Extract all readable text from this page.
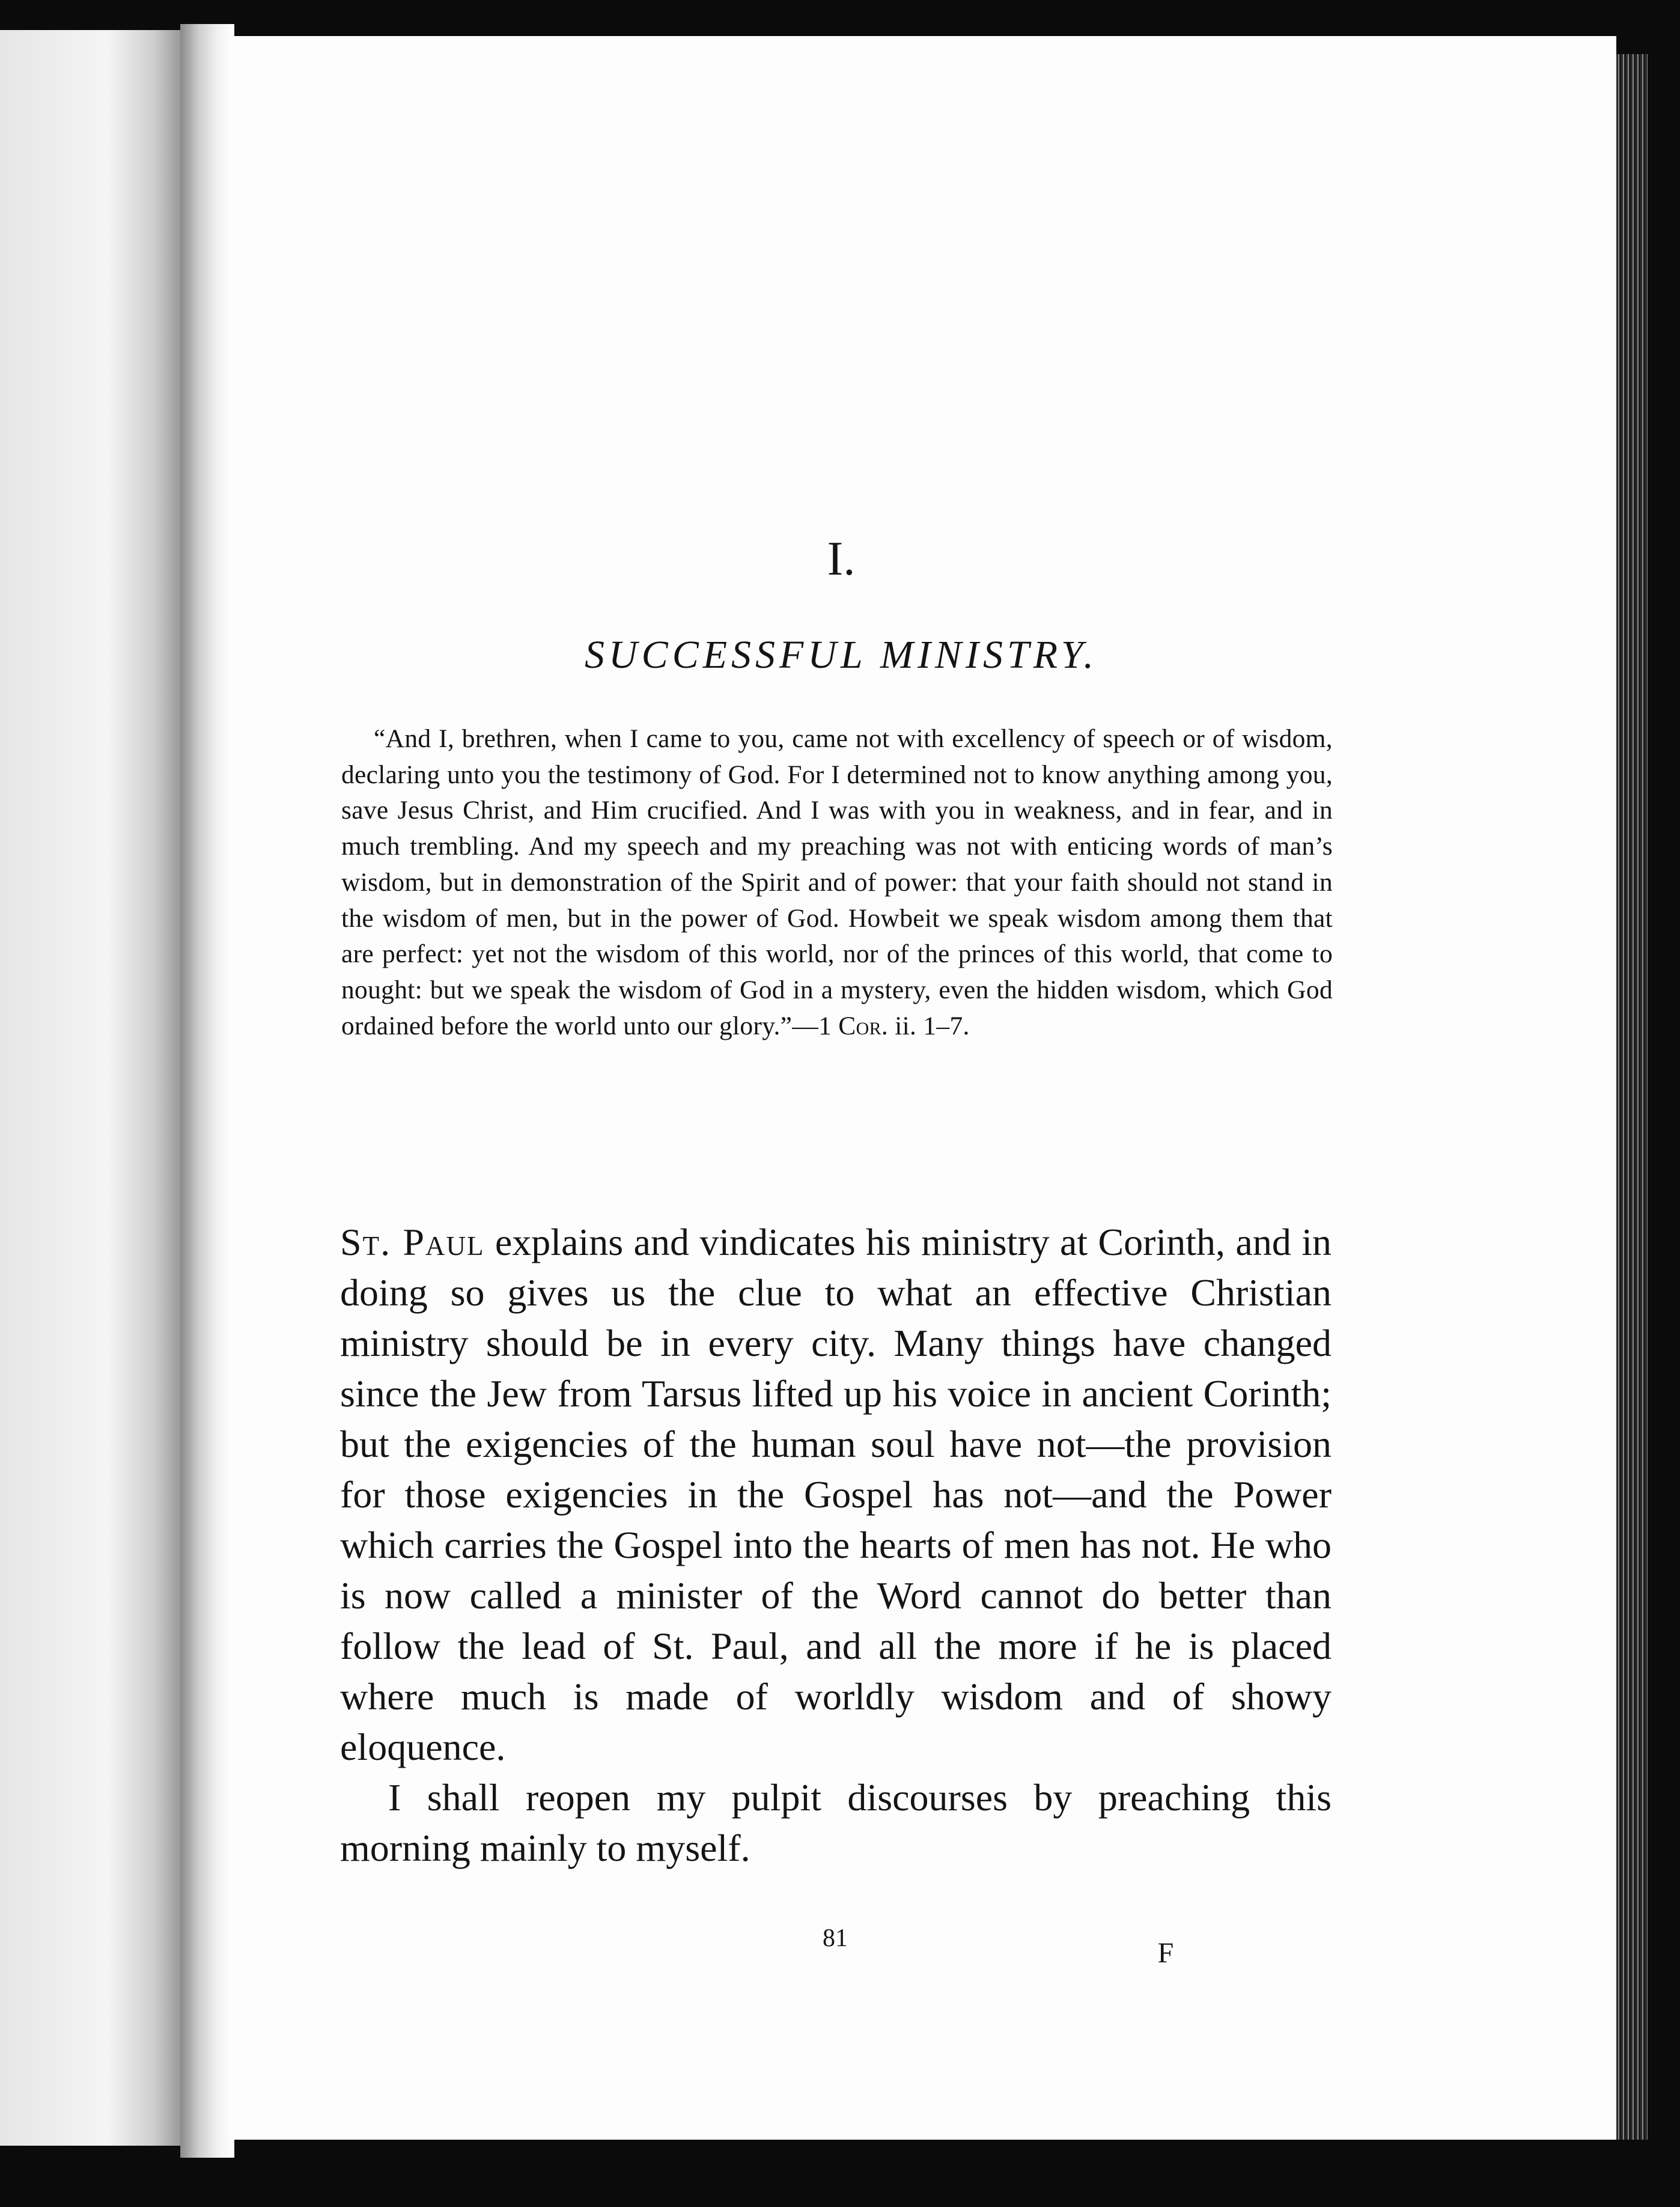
I.
SUCCESSFUL MINISTRY.
“And I, brethren, when I came to you, came not with excellency of speech or of wisdom, declaring unto you the testimony of God. For I determined not to know anything among you, save Jesus Christ, and Him crucified. And I was with you in weakness, and in fear, and in much trembling. And my speech and my preaching was not with enticing words of man’s wisdom, but in demonstration of the Spirit and of power: that your faith should not stand in the wisdom of men, but in the power of God. Howbeit we speak wisdom among them that are perfect: yet not the wisdom of this world, nor of the princes of this world, that come to nought: but we speak the wisdom of God in a mystery, even the hidden wisdom, which God ordained before the world unto our glory.”—1 Cor. ii. 1–7.

St. Paul explains and vindicates his ministry at Corinth, and in doing so gives us the clue to what an effective Christian ministry should be in every city. Many things have changed since the Jew from Tarsus lifted up his voice in ancient Corinth; but the exigencies of the human soul have not—the provision for those exigencies in the Gospel has not—and the Power which carries the Gospel into the hearts of men has not. He who is now called a minister of the Word cannot do better than follow the lead of St. Paul, and all the more if he is placed where much is made of worldly wisdom and of showy eloquence.

I shall reopen my pulpit discourses by preaching this morning mainly to myself.

81	F
